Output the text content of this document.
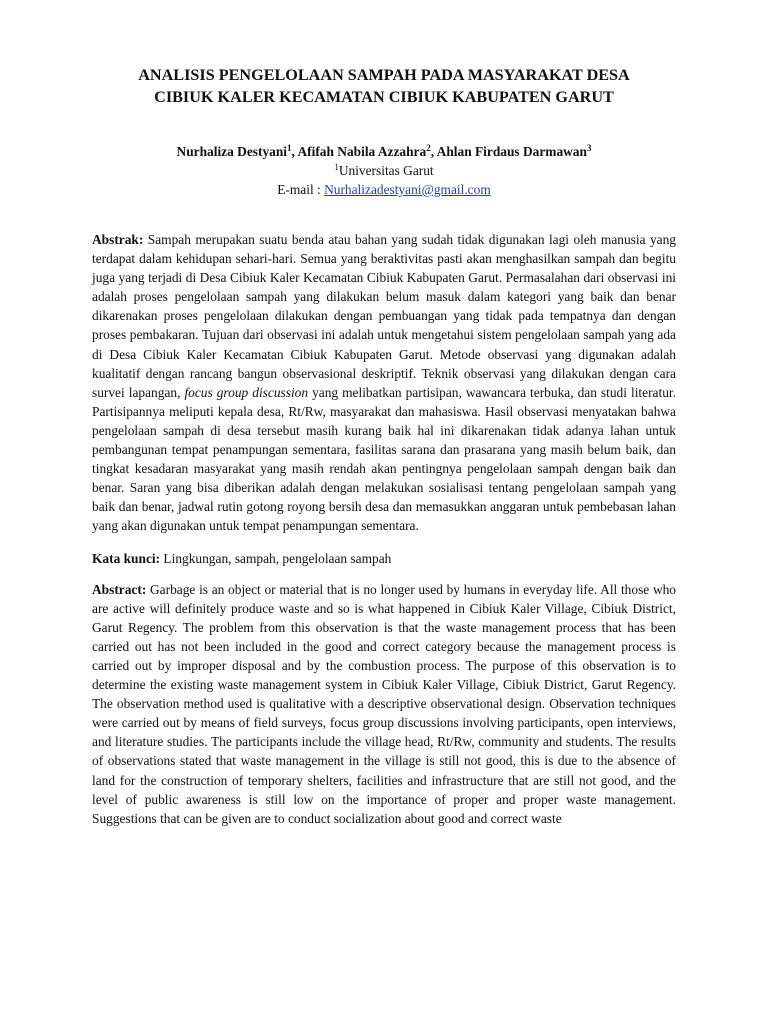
ANALISIS PENGELOLAAN SAMPAH PADA MASYARAKAT DESA
CIBIUK KALER KECAMATAN CIBIUK KABUPATEN GARUT
Nurhaliza Destyani$^1$, Afifah Nabila Azzahra$^2$, Ahlan Firdaus Darmawan$^3$
$^1$Universitas Garut
E-mail : Nurhalizadestyani@gmail.com

Abstrak: Sampah merupakan suatu benda atau bahan yang sudah tidak digunakan lagi oleh manusia yang terdapat dalam kehidupan sehari-hari. Semua yang beraktivitas pasti akan menghasilkan sampah dan begitu juga yang terjadi di Desa Cibiuk Kaler Kecamatan Cibiuk Kabupaten Garut. Permasalahan dari observasi ini adalah proses pengelolaan sampah yang dilakukan belum masuk dalam kategori yang baik dan benar dikarenakan proses pengelolaan dilakukan dengan pembuangan yang tidak pada tempatnya dan dengan proses pembakaran. Tujuan dari observasi ini adalah untuk mengetahui sistem pengelolaan sampah yang ada di Desa Cibiuk Kaler Kecamatan Cibiuk Kabupaten Garut. Metode observasi yang digunakan adalah kualitatif dengan rancang bangun observasional deskriptif. Teknik observasi yang dilakukan dengan cara survei lapangan, focus group discussion yang melibatkan partisipan, wawancara terbuka, dan studi literatur. Partisipannya meliputi kepala desa, Rt/Rw, masyarakat dan mahasiswa. Hasil observasi menyatakan bahwa pengelolaan sampah di desa tersebut masih kurang baik hal ini dikarenakan tidak adanya lahan untuk pembangunan tempat penampungan sementara, fasilitas sarana dan prasarana yang masih belum baik, dan tingkat kesadaran masyarakat yang masih rendah akan pentingnya pengelolaan sampah dengan baik dan benar. Saran yang bisa diberikan adalah dengan melakukan sosialisasi tentang pengelolaan sampah yang baik dan benar, jadwal rutin gotong royong bersih desa dan memasukkan anggaran untuk pembebasan lahan yang akan digunakan untuk tempat penampungan sementara.

Kata kunci: Lingkungan, sampah, pengelolaan sampah

Abstract: Garbage is an object or material that is no longer used by humans in everyday life. All those who are active will definitely produce waste and so is what happened in Cibiuk Kaler Village, Cibiuk District, Garut Regency. The problem from this observation is that the waste management process that has been carried out has not been included in the good and correct category because the management process is carried out by improper disposal and by the combustion process. The purpose of this observation is to determine the existing waste management system in Cibiuk Kaler Village, Cibiuk District, Garut Regency. The observation method used is qualitative with a descriptive observational design. Observation techniques were carried out by means of field surveys, focus group discussions involving participants, open interviews, and literature studies. The participants include the village head, Rt/Rw, community and students. The results of observations stated that waste management in the village is still not good, this is due to the absence of land for the construction of temporary shelters, facilities and infrastructure that are still not good, and the level of public awareness is still low on the importance of proper and proper waste management. Suggestions that can be given are to conduct socialization about good and correct waste
